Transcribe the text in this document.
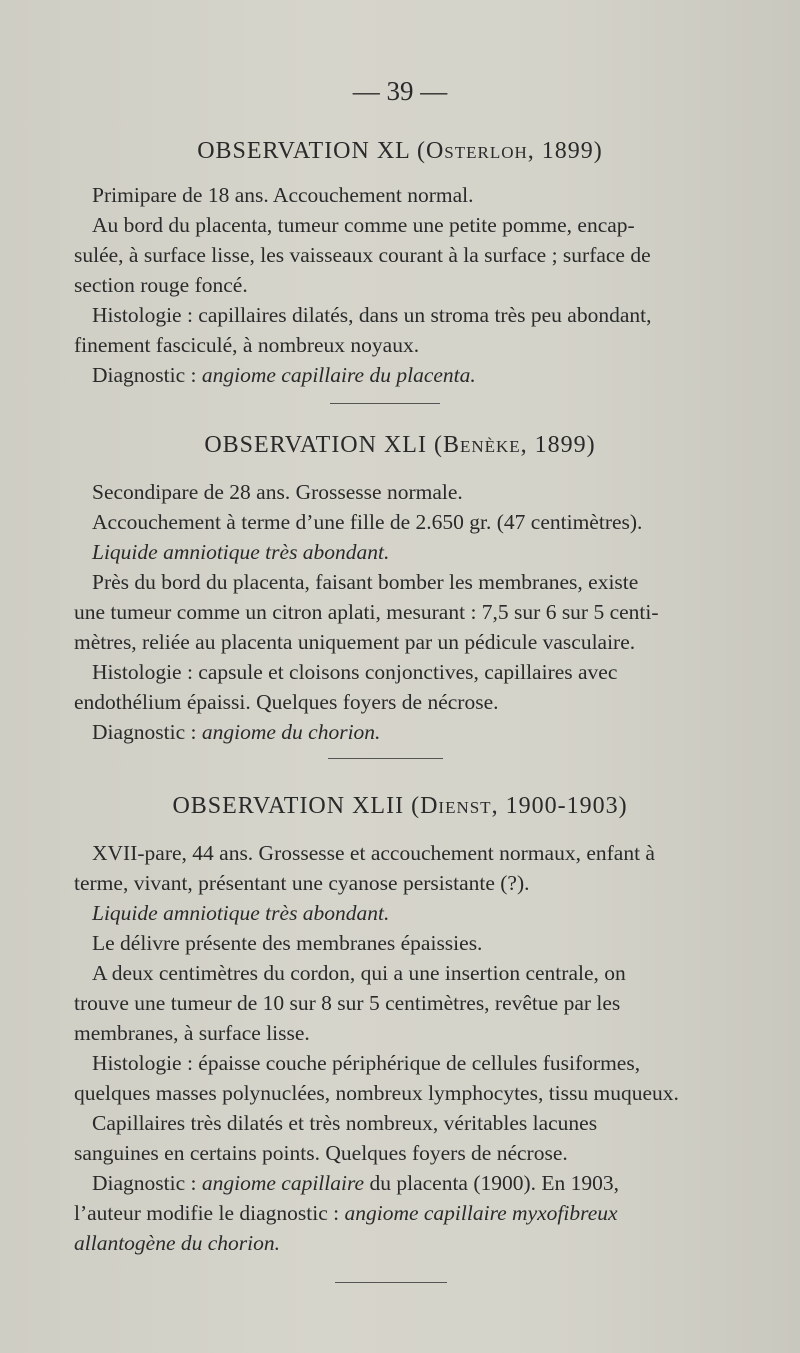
— 39 —
OBSERVATION XL (Osterloh, 1899)
Primipare de 18 ans. Accouchement normal.
Au bord du placenta, tumeur comme une petite pomme, encap-
sulée, à surface lisse, les vaisseaux courant à la surface ; surface de
section rouge foncé.
Histologie : capillaires dilatés, dans un stroma très peu abondant,
finement fasciculé, à nombreux noyaux.
Diagnostic : angiome capillaire du placenta.
OBSERVATION XLI (Benèke, 1899)
Secondipare de 28 ans. Grossesse normale.
Accouchement à terme d’une fille de 2.650 gr. (47 centimètres).
Liquide amniotique très abondant.
Près du bord du placenta, faisant bomber les membranes, existe
une tumeur comme un citron aplati, mesurant : 7,5 sur 6 sur 5 centi-
mètres, reliée au placenta uniquement par un pédicule vasculaire.
Histologie : capsule et cloisons conjonctives, capillaires avec
endothélium épaissi. Quelques foyers de nécrose.
Diagnostic : angiome du chorion.
OBSERVATION XLII (Dienst, 1900-1903)
XVII-pare, 44 ans. Grossesse et accouchement normaux, enfant à
terme, vivant, présentant une cyanose persistante (?).
Liquide amniotique très abondant.
Le délivre présente des membranes épaissies.
A deux centimètres du cordon, qui a une insertion centrale, on
trouve une tumeur de 10 sur 8 sur 5 centimètres, revêtue par les
membranes, à surface lisse.
Histologie : épaisse couche périphérique de cellules fusiformes,
quelques masses polynuclées, nombreux lymphocytes, tissu muqueux.
Capillaires très dilatés et très nombreux, véritables lacunes
sanguines en certains points. Quelques foyers de nécrose.
Diagnostic : angiome capillaire du placenta (1900). En 1903,
l’auteur modifie le diagnostic : angiome capillaire myxofibreux
allantogène du chorion.
